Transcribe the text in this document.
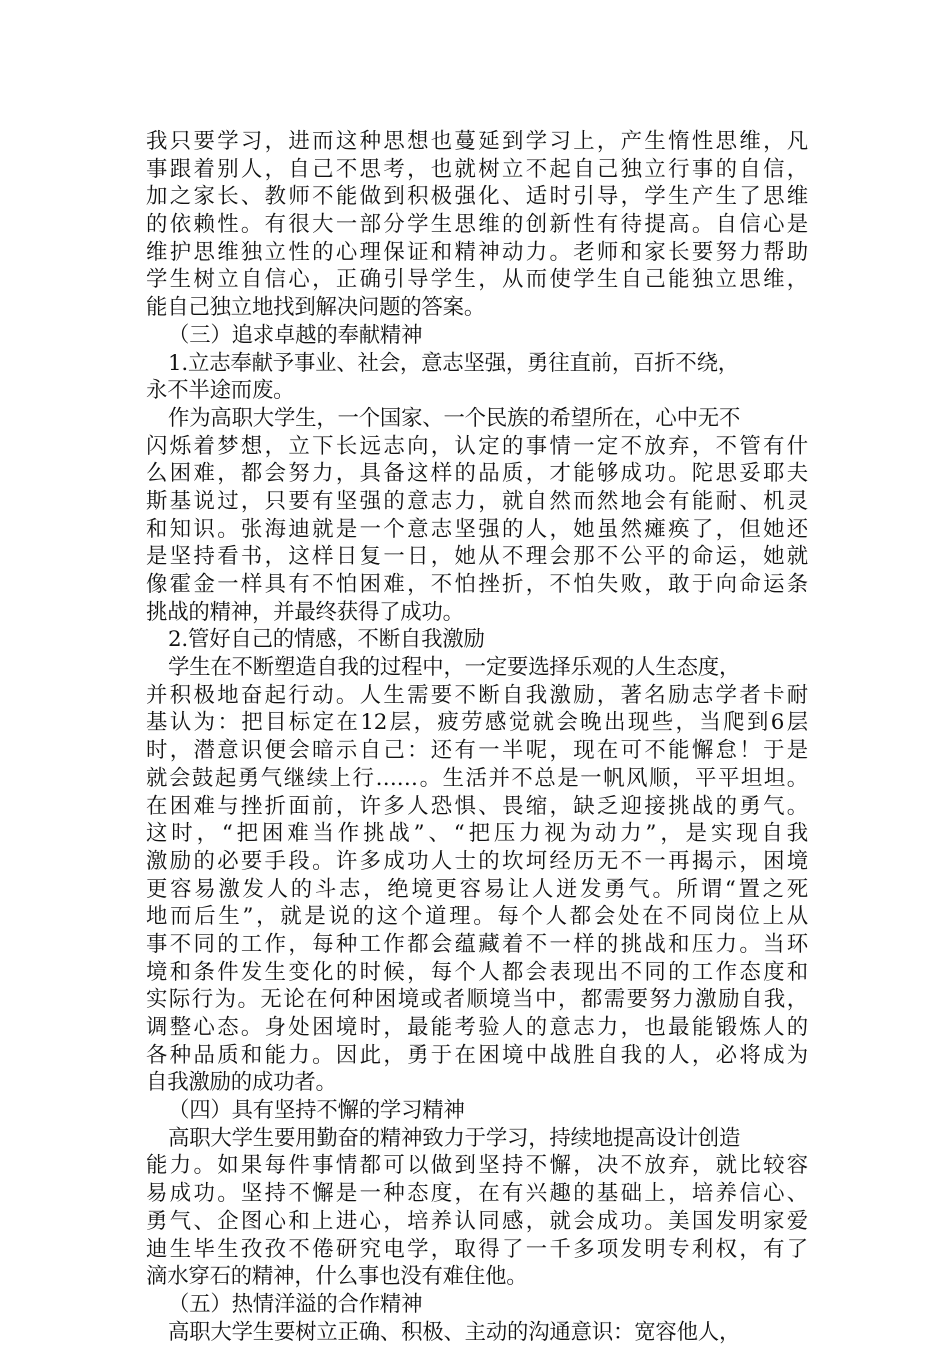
我只要学习，进而这种思想也蔓延到学习上，产生惰性思维，凡
事跟着别人，自己不思考，也就树立不起自己独立行事的自信，
加之家长、教师不能做到积极强化、适时引导，学生产生了思维
的依赖性。有很大一部分学生思维的创新性有待提高。自信心是
维护思维独立性的心理保证和精神动力。老师和家长要努力帮助
学生树立自信心，正确引导学生，从而使学生自己能独立思维，
能自己独立地找到解决问题的答案。
（三）追求卓越的奉献精神
1.立志奉献予事业、社会，意志坚强，勇往直前，百折不绕，
永不半途而废。
作为高职大学生，一个国家、一个民族的希望所在，心中无不
闪烁着梦想，立下长远志向，认定的事情一定不放弃，不管有什
么困难，都会努力，具备这样的品质，才能够成功。陀思妥耶夫
斯基说过，只要有坚强的意志力，就自然而然地会有能耐、机灵
和知识。张海迪就是一个意志坚强的人，她虽然瘫痪了，但她还
是坚持看书，这样日复一日，她从不理会那不公平的命运，她就
像霍金一样具有不怕困难，不怕挫折，不怕失败，敢于向命运条
挑战的精神，并最终获得了成功。
2.管好自己的情感，不断自我激励
学生在不断塑造自我的过程中，一定要选择乐观的人生态度，
并积极地奋起行动。人生需要不断自我激励，著名励志学者卡耐
基认为：把目标定在12层，疲劳感觉就会晚出现些，当爬到6层
时，潜意识便会暗示自己：还有一半呢，现在可不能懈怠！于是
就会鼓起勇气继续上行……。生活并不总是一帆风顺，平平坦坦。
在困难与挫折面前，许多人恐惧、畏缩，缺乏迎接挑战的勇气。
这时，“把困难当作挑战”、“把压力视为动力”，是实现自我
激励的必要手段。许多成功人士的坎坷经历无不一再揭示，困境
更容易激发人的斗志，绝境更容易让人迸发勇气。所谓“置之死
地而后生”，就是说的这个道理。每个人都会处在不同岗位上从
事不同的工作，每种工作都会蕴藏着不一样的挑战和压力。当环
境和条件发生变化的时候，每个人都会表现出不同的工作态度和
实际行为。无论在何种困境或者顺境当中，都需要努力激励自我，
调整心态。身处困境时，最能考验人的意志力，也最能锻炼人的
各种品质和能力。因此，勇于在困境中战胜自我的人，必将成为
自我激励的成功者。
（四）具有坚持不懈的学习精神
高职大学生要用勤奋的精神致力于学习，持续地提高设计创造
能力。如果每件事情都可以做到坚持不懈，决不放弃，就比较容
易成功。坚持不懈是一种态度，在有兴趣的基础上，培养信心、
勇气、企图心和上进心，培养认同感，就会成功。美国发明家爱
迪生毕生孜孜不倦研究电学，取得了一千多项发明专利权，有了
滴水穿石的精神，什么事也没有难住他。
（五）热情洋溢的合作精神
高职大学生要树立正确、积极、主动的沟通意识：宽容他人，
